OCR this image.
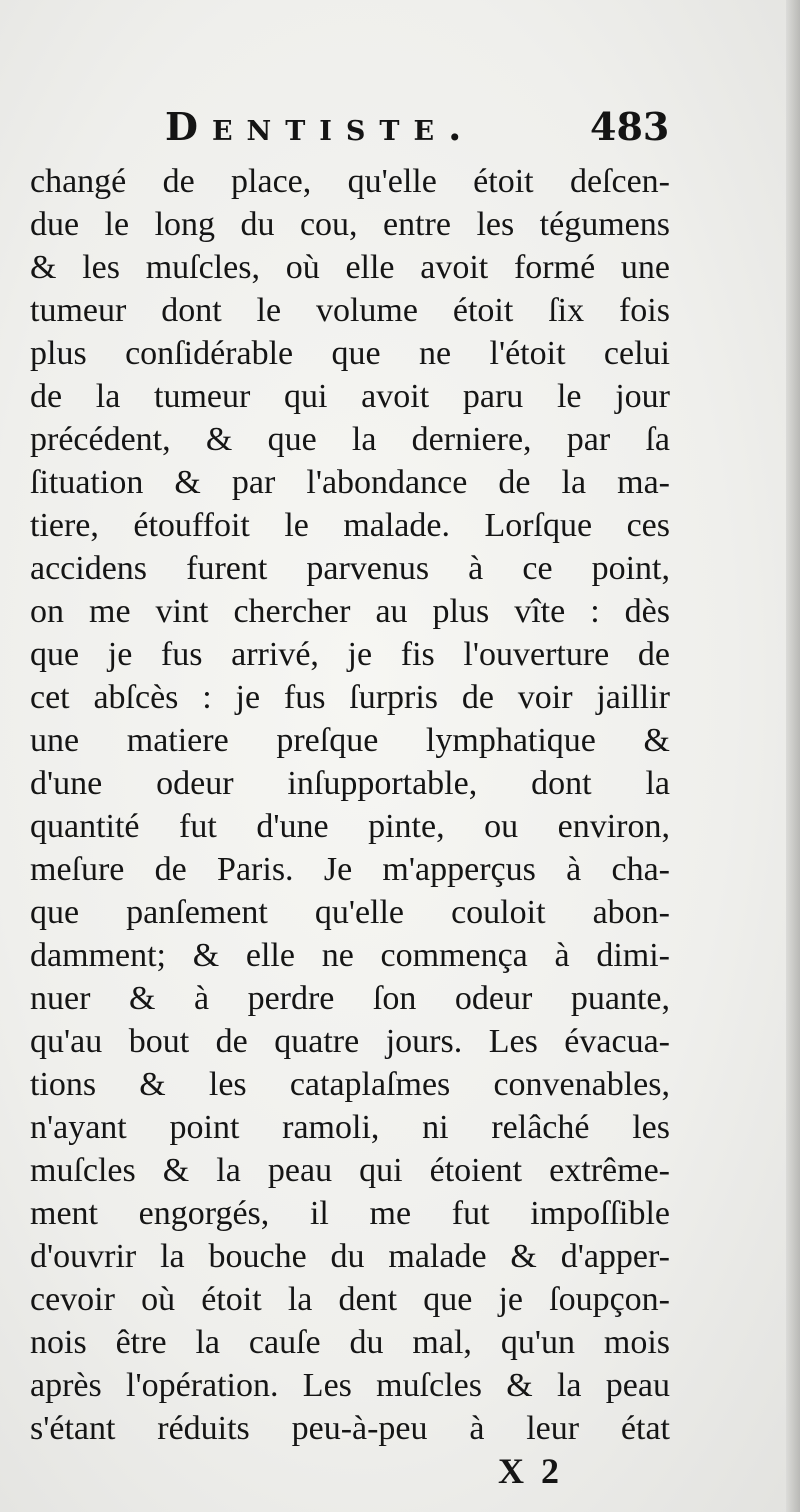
Dentiste.	483
changé de place, qu'elle étoit deſcen-
due le long du cou, entre les tégumens
& les muſcles, où elle avoit formé une
tumeur dont le volume étoit ſix fois
plus conſidérable que ne l'étoit celui
de la tumeur qui avoit paru le jour
précédent, & que la derniere, par ſa
ſituation & par l'abondance de la ma-
tiere, étouffoit le malade. Lorſque ces
accidens furent parvenus à ce point,
on me vint chercher au plus vîte : dès
que je fus arrivé, je fis l'ouverture de
cet abſcès : je fus ſurpris de voir jaillir
une matiere preſque lymphatique &
d'une odeur inſupportable, dont la
quantité fut d'une pinte, ou environ,
meſure de Paris. Je m'apperçus à cha-
que panſement qu'elle couloit abon-
damment; & elle ne commença à dimi-
nuer & à perdre ſon odeur puante,
qu'au bout de quatre jours. Les évacua-
tions & les cataplaſmes convenables,
n'ayant point ramoli, ni relâché les
muſcles & la peau qui étoient extrême-
ment engorgés, il me fut impoſſible
d'ouvrir la bouche du malade & d'apper-
cevoir où étoit la dent que je ſoupçon-
nois être la cauſe du mal, qu'un mois
après l'opération. Les muſcles & la peau
s'étant réduits peu-à-peu à leur état
X 2
